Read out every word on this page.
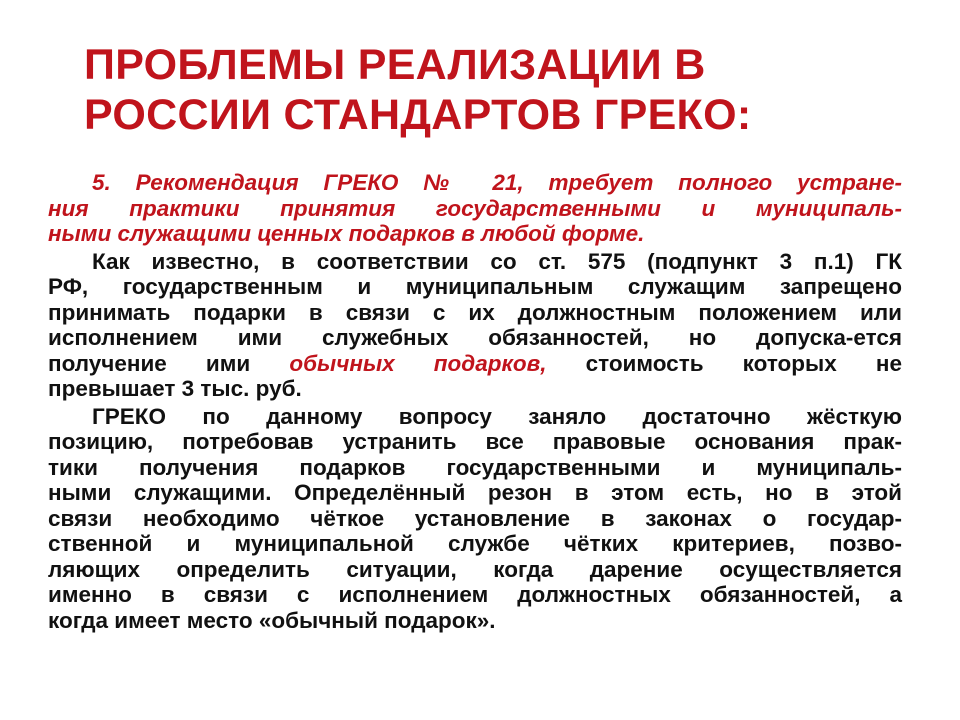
ПРОБЛЕМЫ РЕАЛИЗАЦИИ В
РОССИИ СТАНДАРТОВ ГРЕКО:

5. Рекомендация ГРЕКО № 21, требует полного устране-
ния практики принятия государственными и муниципаль-
ными служащими ценных подарков в любой форме.

Как известно, в соответствии со ст. 575 (подпункт 3 п.1) ГК
РФ, государственным и муниципальным служащим запрещено
принимать подарки в связи с их должностным положением или
исполнением ими служебных обязанностей, но допуска-ется
получение ими обычных подарков, стоимость которых не
превышает 3 тыс. руб.

ГРЕКО по данному вопросу заняло достаточно жёсткую
позицию, потребовав устранить все правовые основания прак-
тики получения подарков государственными и муниципаль-
ными служащими. Определённый резон в этом есть, но в этой
связи необходимо чёткое установление в законах о государ-
ственной и муниципальной службе чётких критериев, позво-
ляющих определить ситуации, когда дарение осуществляется
именно в связи с исполнением должностных обязанностей, а
когда имеет место «обычный подарок».
